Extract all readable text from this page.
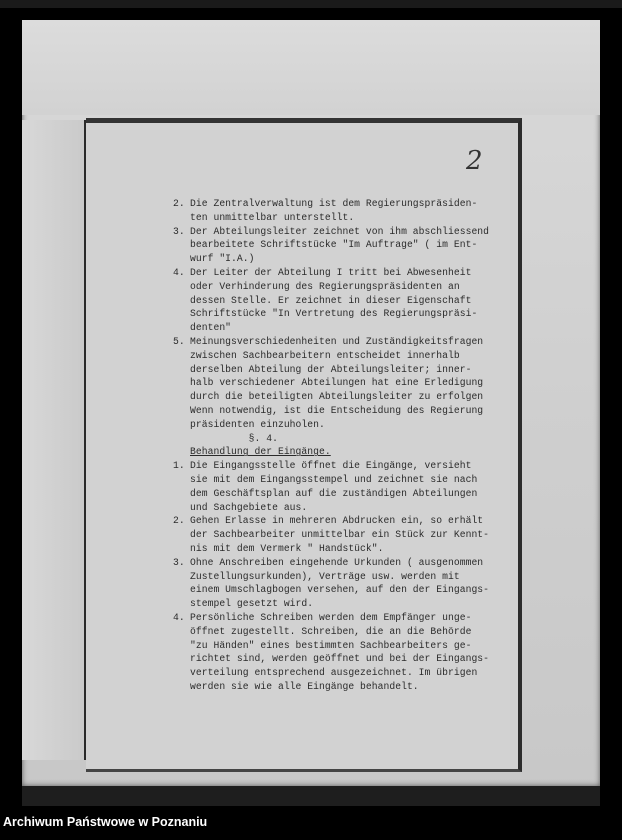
2
2. Die Zentralverwaltung ist dem Regierungspräsiden-
ten unmittelbar unterstellt.
3. Der Abteilungsleiter zeichnet von ihm abschliessend
bearbeitete Schriftstücke "Im Auftrage" ( im Ent-
wurf "I.A.)
4. Der Leiter der Abteilung I tritt bei Abwesenheit
oder Verhinderung des Regierungspräsidenten an
dessen Stelle. Er zeichnet in dieser Eigenschaft
Schriftstücke "In Vertretung des Regierungspräsi-
denten"
5. Meinungsverschiedenheiten und Zuständigkeitsfragen
zwischen Sachbearbeitern entscheidet innerhalb
derselben Abteilung der Abteilungsleiter; inner-
halb verschiedener Abteilungen hat eine Erledigung
durch die beteiligten Abteilungsleiter zu erfolgen
Wenn notwendig, ist die Entscheidung des Regierung
präsidenten einzuholen.
§. 4.
Behandlung der Eingänge.
1. Die Eingangsstelle öffnet die Eingänge, versieht
sie mit dem Eingangsstempel und zeichnet sie nach
dem Geschäftsplan auf die zuständigen Abteilungen
und Sachgebiete aus.
2. Gehen Erlasse in mehreren Abdrucken ein, so erhält
der Sachbearbeiter unmittelbar ein Stück zur Kennt-
nis mit dem Vermerk " Handstück".
3. Ohne Anschreiben eingehende Urkunden ( ausgenommen
Zustellungsurkunden), Verträge usw. werden mit
einem Umschlagbogen versehen, auf den der Eingangs-
stempel gesetzt wird.
4. Persönliche Schreiben werden dem Empfänger unge-
öffnet zugestellt. Schreiben, die an die Behörde
"zu Händen" eines bestimmten Sachbearbeiters ge-
richtet sind, werden geöffnet und bei der Eingangs-
verteilung entsprechend ausgezeichnet. Im übrigen
werden sie wie alle Eingänge behandelt.
Archiwum Państwowe w Poznaniu
